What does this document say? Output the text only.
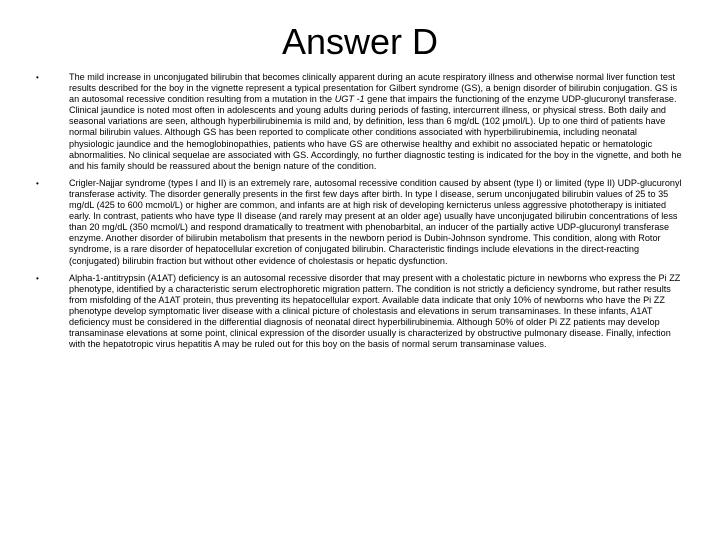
Answer D
•	The mild increase in unconjugated bilirubin that becomes clinically apparent during an acute respiratory illness and otherwise normal liver function test results described for the boy in the vignette represent a typical presentation for Gilbert syndrome (GS), a benign disorder of bilirubin conjugation. GS is an autosomal recessive condition resulting from a mutation in the UGT -1 gene that impairs the functioning of the enzyme UDP-glucuronyl transferase. Clinical jaundice is noted most often in adolescents and young adults during periods of fasting, intercurrent illness, or physical stress. Both daily and seasonal variations are seen, although hyperbilirubinemia is mild and, by definition, less than 6 mg/dL (102 μmol/L). Up to one third of patients have normal bilirubin values. Although GS has been reported to complicate other conditions associated with hyperbilirubinemia, including neonatal physiologic jaundice and the hemoglobinopathies, patients who have GS are otherwise healthy and exhibit no associated hepatic or hematologic abnormalities. No clinical sequelae are associated with GS. Accordingly, no further diagnostic testing is indicated for the boy in the vignette, and both he and his family should be reassured about the benign nature of the condition.
•	Crigler-Najjar syndrome (types I and II) is an extremely rare, autosomal recessive condition caused by absent (type I) or limited (type II) UDP-glucuronyl transferase activity. The disorder generally presents in the first few days after birth. In type I disease, serum unconjugated bilirubin values of 25 to 35 mg/dL (425 to 600 mcmol/L) or higher are common, and infants are at high risk of developing kernicterus unless aggressive phototherapy is initiated early. In contrast, patients who have type II disease (and rarely may present at an older age) usually have unconjugated bilirubin concentrations of less than 20 mg/dL (350 mcmol/L) and respond dramatically to treatment with phenobarbital, an inducer of the partially active UDP-glucuronyl transferase enzyme. Another disorder of bilirubin metabolism that presents in the newborn period is Dubin-Johnson syndrome. This condition, along with Rotor syndrome, is a rare disorder of hepatocellular excretion of conjugated bilirubin. Characteristic findings include elevations in the direct-reacting (conjugated) bilirubin fraction but without other evidence of cholestasis or hepatic dysfunction.
•	Alpha-1-antitrypsin (A1AT) deficiency is an autosomal recessive disorder that may present with a cholestatic picture in newborns who express the Pi ZZ phenotype, identified by a characteristic serum electrophoretic migration pattern. The condition is not strictly a deficiency syndrome, but rather results from misfolding of the A1AT protein, thus preventing its hepatocellular export. Available data indicate that only 10% of newborns who have the Pi ZZ phenotype develop symptomatic liver disease with a clinical picture of cholestasis and elevations in serum transaminases. In these infants, A1AT deficiency must be considered in the differential diagnosis of neonatal direct hyperbilirubinemia. Although 50% of older Pi ZZ patients may develop transaminase elevations at some point, clinical expression of the disorder usually is characterized by obstructive pulmonary disease. Finally, infection with the hepatotropic virus hepatitis A may be ruled out for this boy on the basis of normal serum transaminase values.
